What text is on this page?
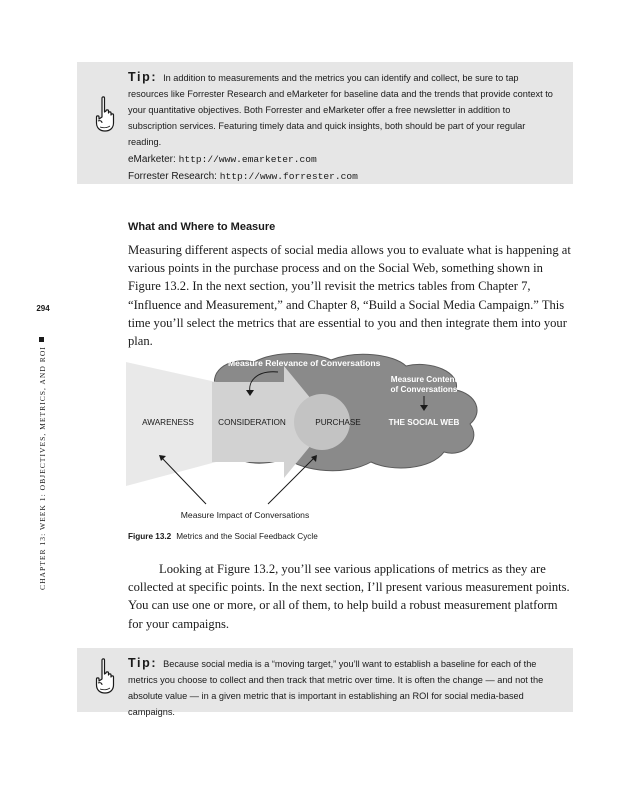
294
CHAPTER 13: WEEK 1: OBJECTIVES, METRICS, AND ROI
Tip: In addition to measurements and the metrics you can identify and collect, be sure to tap resources like Forrester Research and eMarketer for baseline data and the trends that provide context to your quantitative objectives. Both Forrester and eMarketer offer a free newsletter in addition to subscription services. Featuring timely data and quick insights, both should be part of your regular reading.
eMarketer: http://www.emarketer.com
Forrester Research: http://www.forrester.com
What and Where to Measure

Measuring different aspects of social media allows you to evaluate what is happening at various points in the purchase process and on the Social Web, something shown in Figure 13.2. In the next section, you’ll revisit the metrics tables from Chapter 7, “Influence and Measurement,” and Chapter 8, “Build a Social Media Campaign.” This time you’ll select the metrics that are essential to you and then integrate them into your plan.

Measure Relevance of Conversations
Measure Content
of Conversations
AWARENESS	CONSIDERATION	PURCHASE	THE SOCIAL WEB
Measure Impact of Conversations
Figure 13.2 Metrics and the Social Feedback Cycle

Looking at Figure 13.2, you’ll see various applications of metrics as they are collected at specific points. In the next section, I’ll present various measurement points. You can use one or more, or all of them, to help build a robust measurement platform for your campaigns.

Tip: Because social media is a “moving target,” you’ll want to establish a baseline for each of the metrics you choose to collect and then track that metric over time. It is often the change — and not the absolute value — in a given metric that is important in establishing an ROI for social media-based campaigns.
